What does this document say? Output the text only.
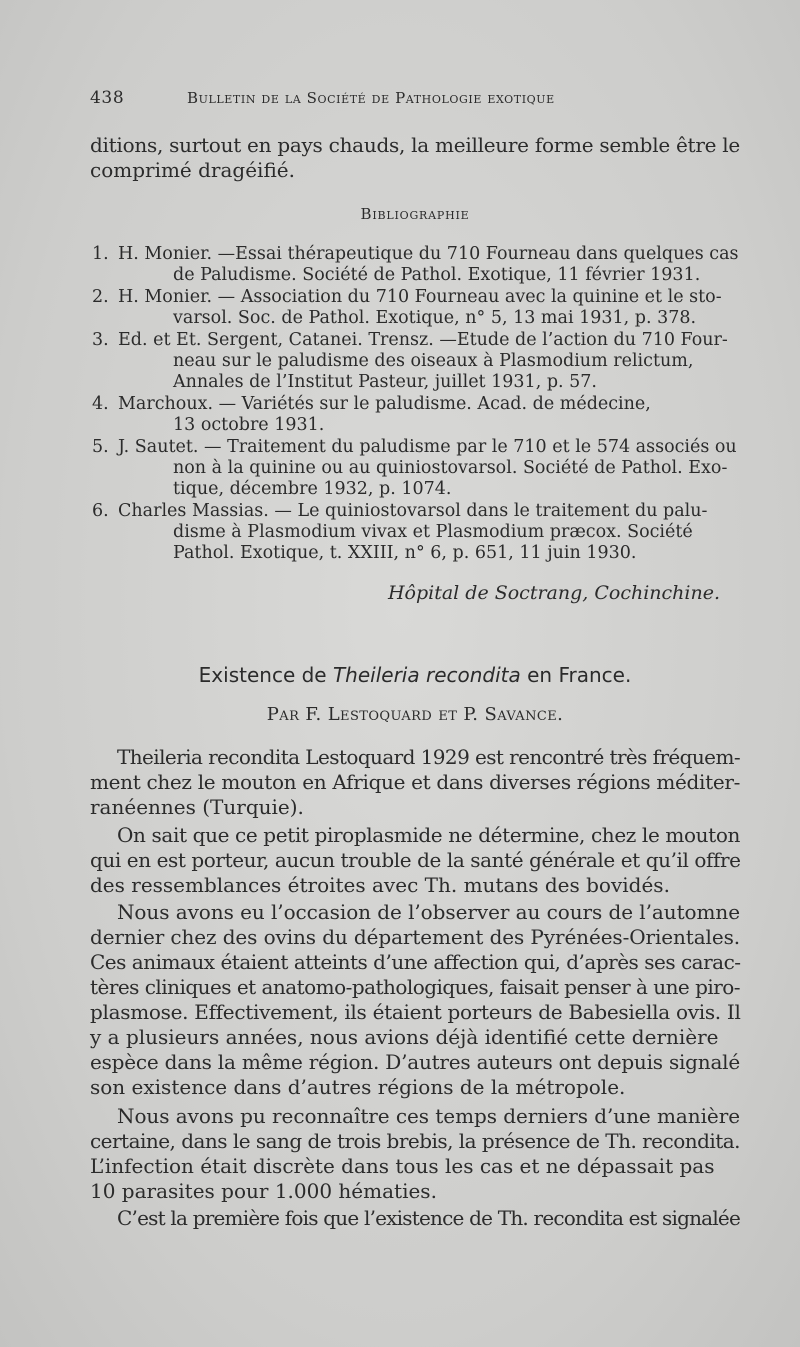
438	Bulletin de la Société de Pathologie exotique
ditions, surtout en pays chauds, la meilleure forme semble être le
comprimé dragéifié.
Bibliographie
1. H. Monier. —Essai thérapeutique du 710 Fourneau dans quelques cas
de Paludisme. Société de Pathol. Exotique, 11 février 1931.
2. H. Monier. — Association du 710 Fourneau avec la quinine et le sto-
varsol. Soc. de Pathol. Exotique, n° 5, 13 mai 1931, p. 378.
3. Ed. et Et. Sergent, Catanei. Trensz. —Etude de l’action du 710 Four-
neau sur le paludisme des oiseaux à Plasmodium relictum,
Annales de l’Institut Pasteur, juillet 1931, p. 57.
4. Marchoux. — Variétés sur le paludisme. Acad. de médecine,
13 octobre 1931.
5. J. Sautet. — Traitement du paludisme par le 710 et le 574 associés ou
non à la quinine ou au quiniostovarsol. Société de Pathol. Exo-
tique, décembre 1932, p. 1074.
6. Charles Massias. — Le quiniostovarsol dans le traitement du palu-
disme à Plasmodium vivax et Plasmodium præcox. Société
Pathol. Exotique, t. XXIII, n° 6, p. 651, 11 juin 1930.
Hôpital de Soctrang, Cochinchine.
Existence de Theileria recondita en France.
Par F. Lestoquard et P. Savance.
Theileria recondita Lestoquard 1929 est rencontré très fréquem-
ment chez le mouton en Afrique et dans diverses régions méditer-
ranéennes (Turquie).
On sait que ce petit piroplasmide ne détermine, chez le mouton
qui en est porteur, aucun trouble de la santé générale et qu’il offre
des ressemblances étroites avec Th. mutans des bovidés.
Nous avons eu l’occasion de l’observer au cours de l’automne
dernier chez des ovins du département des Pyrénées-Orientales.
Ces animaux étaient atteints d’une affection qui, d’après ses carac-
tères cliniques et anatomo-pathologiques, faisait penser à une piro-
plasmose. Effectivement, ils étaient porteurs de Babesiella ovis. Il
y a plusieurs années, nous avions déjà identifié cette dernière
espèce dans la même région. D’autres auteurs ont depuis signalé
son existence dans d’autres régions de la métropole.
Nous avons pu reconnaître ces temps derniers d’une manière
certaine, dans le sang de trois brebis, la présence de Th. recondita.
L’infection était discrète dans tous les cas et ne dépassait pas
10 parasites pour 1.000 hématies.
C’est la première fois que l’existence de Th. recondita est signalée
